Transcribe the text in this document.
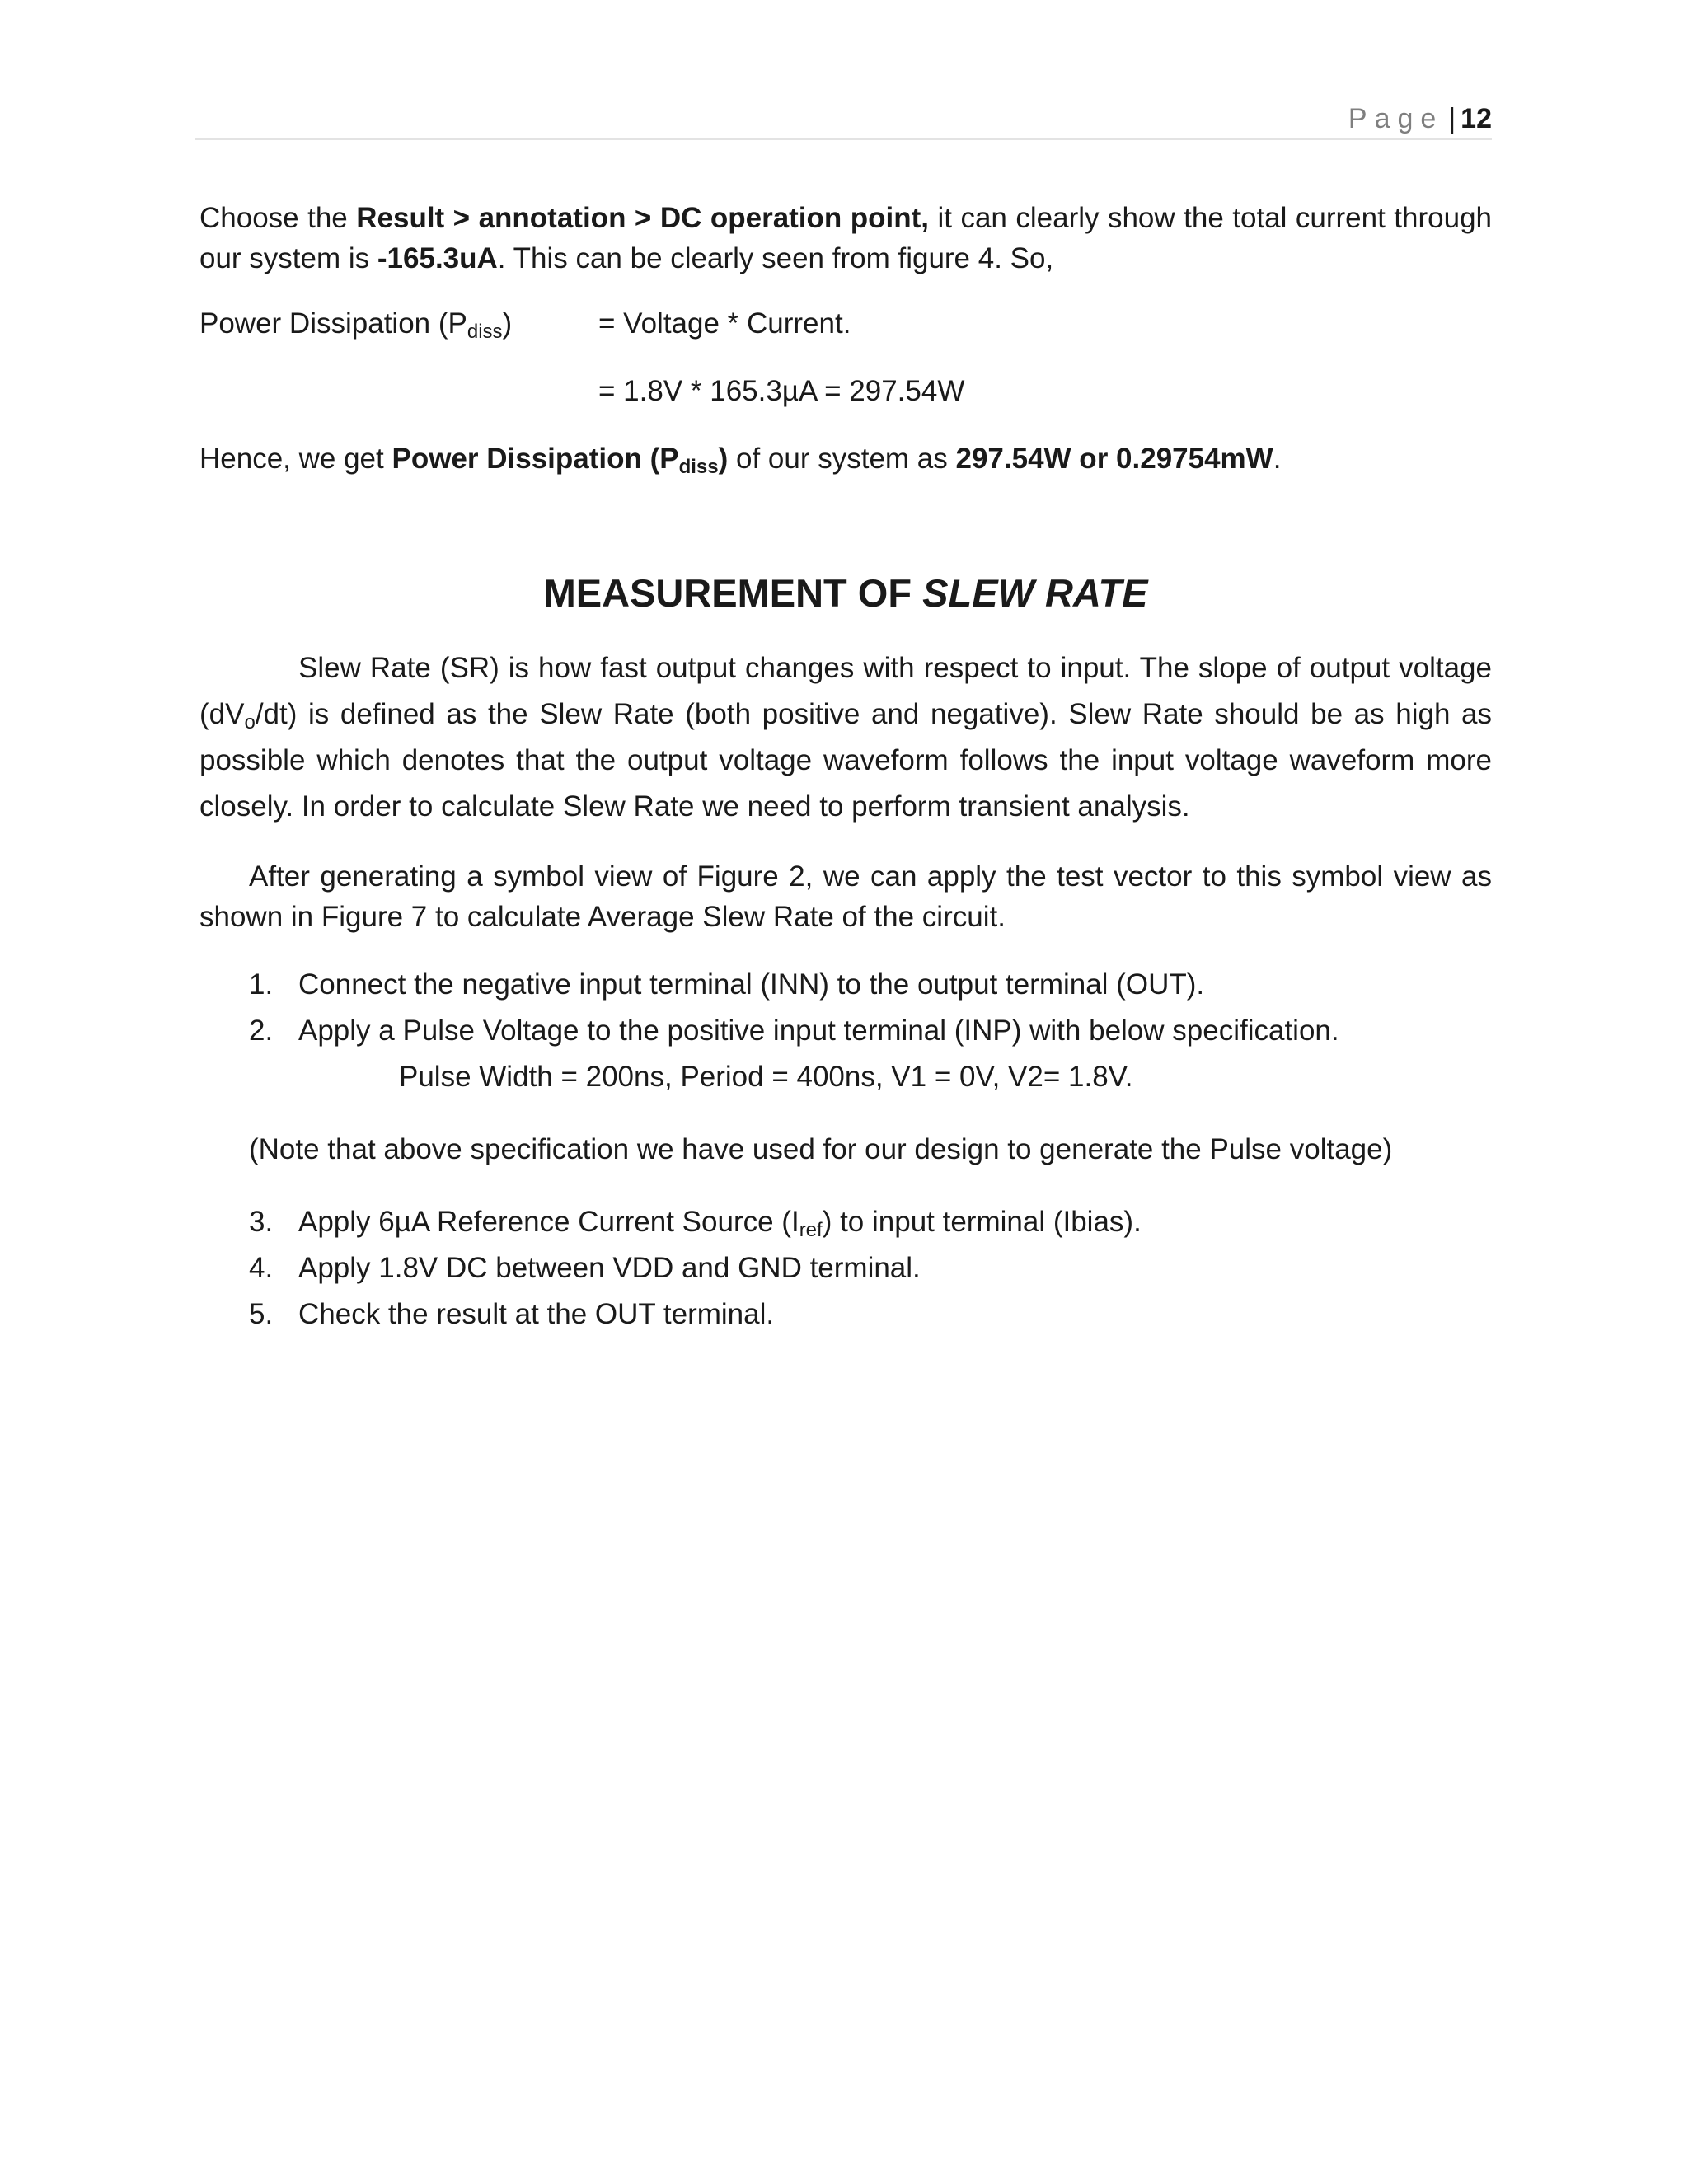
Page | 12

Choose the Result > annotation > DC operation point, it can clearly show the total current through our system is -165.3uA. This can be clearly seen from figure 4. So,

Power Dissipation $(P_{diss})$	= Voltage * Current.
= 1.8V * 165.3µA = 297.54W

Hence, we get Power Dissipation $(P_{diss})$ of our system as 297.54W or 0.29754mW.

MEASUREMENT OF SLEW RATE

Slew Rate (SR) is how fast output changes with respect to input. The slope of output voltage $(dV_o/dt)$ is defined as the Slew Rate (both positive and negative). Slew Rate should be as high as possible which denotes that the output voltage waveform follows the input voltage waveform more closely. In order to calculate Slew Rate we need to perform transient analysis.

After generating a symbol view of Figure 2, we can apply the test vector to this symbol view as shown in Figure 7 to calculate Average Slew Rate of the circuit.

1. Connect the negative input terminal (INN) to the output terminal (OUT).
2. Apply a Pulse Voltage to the positive input terminal (INP) with below specification.

Pulse Width = 200ns, Period = 400ns, V1 = 0V, V2= 1.8V.

(Note that above specification we have used for our design to generate the Pulse voltage)

3. Apply 6µA Reference Current Source $(I_{ref})$ to input terminal (Ibias).
4. Apply 1.8V DC between VDD and GND terminal.
5. Check the result at the OUT terminal.
